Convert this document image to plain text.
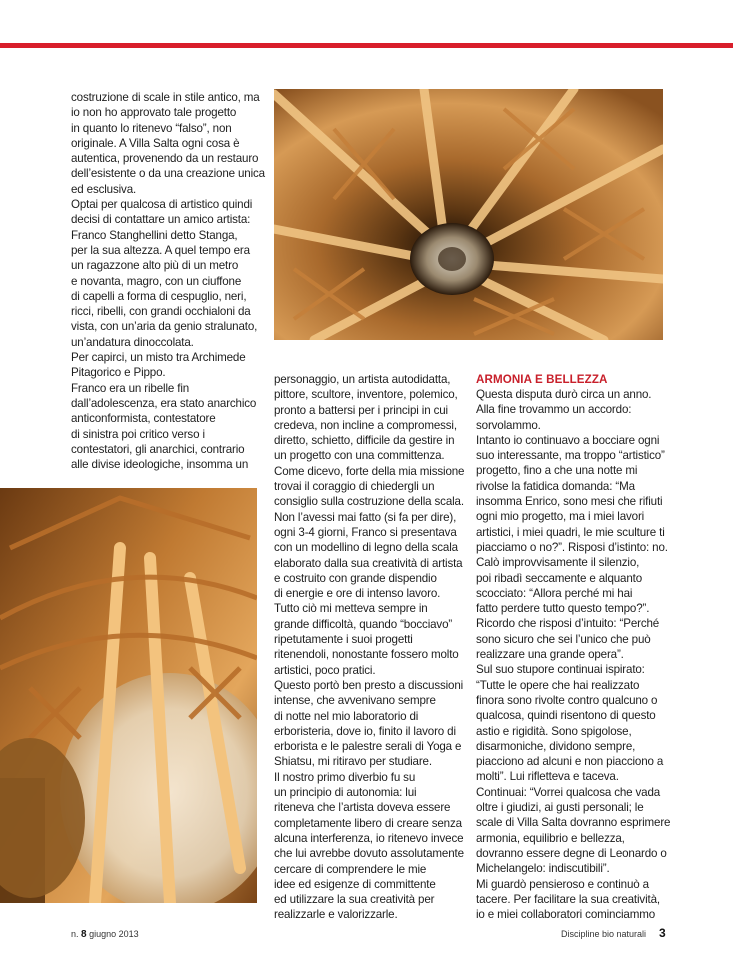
costruzione di scale in stile antico, ma
io non ho approvato tale progetto
in quanto lo ritenevo “falso”, non
originale. A Villa Salta ogni cosa è
autentica, provenendo da un restauro
dell’esistente o da una creazione unica
ed esclusiva.
Optai per qualcosa di artistico quindi
decisi di contattare un amico artista:
Franco Stanghellini detto Stanga,
per la sua altezza. A quel tempo era
un ragazzone alto più di un metro
e novanta, magro, con un ciuffone
di capelli a forma di cespuglio, neri,
ricci, ribelli, con grandi occhialoni da
vista, con un’aria da genio stralunato,
un’andatura dinoccolata.
Per capirci, un misto tra Archimede
Pitagorico e Pippo.
Franco era un ribelle fin
dall’adolescenza, era stato anarchico
anticonformista, contestatore
di sinistra poi critico verso i
contestatori, gli anarchici, contrario
alle divise ideologiche, insomma un
personaggio, un artista autodidatta,
pittore, scultore, inventore, polemico,
pronto a battersi per i principi in cui
credeva, non incline a compromessi,
diretto, schietto, difficile da gestire in
un progetto con una committenza.
Come dicevo, forte della mia missione
trovai il coraggio di chiedergli un
consiglio sulla costruzione della scala.
Non l’avessi mai fatto (si fa per dire),
ogni 3-4 giorni, Franco si presentava
con un modellino di legno della scala
elaborato dalla sua creatività di artista
e costruito con grande dispendio
di energie e ore di intenso lavoro.
Tutto ciò mi metteva sempre in
grande difficoltà, quando “bocciavo”
ripetutamente i suoi progetti
ritenendoli, nonostante fossero molto
artistici, poco pratici.
Questo portò ben presto a discussioni
intense, che avvenivano sempre
di notte nel mio laboratorio di
erboristeria, dove io, finito il lavoro di
erborista e le palestre serali di Yoga e
Shiatsu, mi ritiravo per studiare.
Il nostro primo diverbio fu su
un principio di autonomia: lui
riteneva che l’artista doveva essere
completamente libero di creare senza
alcuna interferenza, io ritenevo invece
che lui avrebbe dovuto assolutamente
cercare di comprendere le mie
idee ed esigenze di committente
ed utilizzare la sua creatività per
realizzarle e valorizzarle.
ARMONIA E BELLEZZA
Questa disputa durò circa un anno.
Alla fine trovammo un accordo:
sorvolammo.
Intanto io continuavo a bocciare ogni
suo interessante, ma troppo “artistico”
progetto, fino a che una notte mi
rivolse la fatidica domanda: “Ma
insomma Enrico, sono mesi che rifiuti
ogni mio progetto, ma i miei lavori
artistici, i miei quadri, le mie sculture ti
piacciamo o no?”. Risposi d’istinto: no.
Calò improvvisamente il silenzio,
poi ribadì seccamente e alquanto
scocciato: “Allora perché mi hai
fatto perdere tutto questo tempo?”.
Ricordo che risposi d’intuito: “Perché
sono sicuro che sei l’unico che può
realizzare una grande opera”.
Sul suo stupore continuai ispirato:
“Tutte le opere che hai realizzato
finora sono rivolte contro qualcuno o
qualcosa, quindi risentono di questo
astio e rigidità. Sono spigolose,
disarmoniche, dividono sempre,
piacciono ad alcuni e non piacciono a
molti”. Lui rifletteva e taceva.
Continuai: “Vorrei qualcosa che vada
oltre i giudizi, ai gusti personali; le
scale di Villa Salta dovranno esprimere
armonia, equilibrio e bellezza,
dovranno essere degne di Leonardo o
Michelangelo: indiscutibili”.
Mi guardò pensieroso e continuò a
tacere. Per facilitare la sua creatività,
io e miei collaboratori cominciammo
n. 8 giugno 2013	Discipline bio naturali 3
